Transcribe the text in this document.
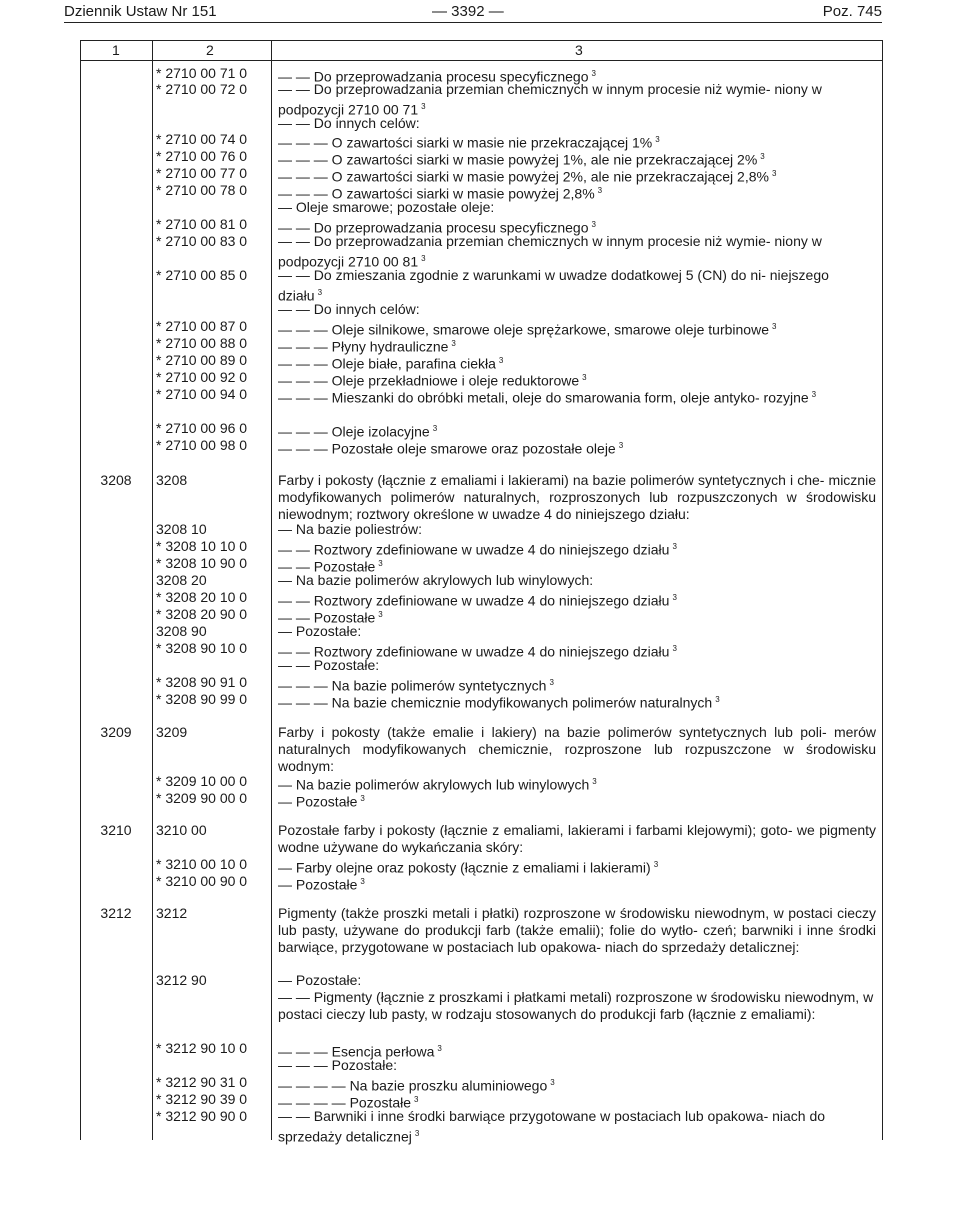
Dziennik Ustaw Nr 151	— 3392 —	Poz. 745
1	2	3
* 2710 00 71 0	— — Do przeprowadzania procesu specyficznego $^3$
* 2710 00 72 0	— — Do przeprowadzania przemian chemicznych w innym procesie niż wymie- niony w podpozycji 2710 00 71 $^3$
— — Do innych celów:
* 2710 00 74 0	— — — O zawartości siarki w masie nie przekraczającej 1% $^3$
* 2710 00 76 0	— — — O zawartości siarki w masie powyżej 1%, ale nie przekraczającej 2% $^3$
* 2710 00 77 0	— — — O zawartości siarki w masie powyżej 2%, ale nie przekraczającej 2,8% $^3$
* 2710 00 78 0	— — — O zawartości siarki w masie powyżej 2,8% $^3$
— Oleje smarowe; pozostałe oleje:
* 2710 00 81 0	— — Do przeprowadzania procesu specyficznego $^3$
* 2710 00 83 0	— — Do przeprowadzania przemian chemicznych w innym procesie niż wymie- niony w podpozycji 2710 00 81 $^3$
* 2710 00 85 0	— — Do zmieszania zgodnie z warunkami w uwadze dodatkowej 5 (CN) do ni- niejszego działu $^3$
— — Do innych celów:
* 2710 00 87 0	— — — Oleje silnikowe, smarowe oleje sprężarkowe, smarowe oleje turbinowe $^3$
* 2710 00 88 0	— — — Płyny hydrauliczne $^3$
* 2710 00 89 0	— — — Oleje białe, parafina ciekła $^3$
* 2710 00 92 0	— — — Oleje przekładniowe i oleje reduktorowe $^3$
* 2710 00 94 0	— — — Mieszanki do obróbki metali, oleje do smarowania form, oleje antyko- rozyjne $^3$
* 2710 00 96 0	— — — Oleje izolacyjne $^3$
* 2710 00 98 0	— — — Pozostałe oleje smarowe oraz pozostałe oleje $^3$
3208	3208	Farby i pokosty (łącznie z emaliami i lakierami) na bazie polimerów syntetycznych i che- micznie modyfikowanych polimerów naturalnych, rozproszonych lub rozpuszczonych w środowisku niewodnym; roztwory określone w uwadze 4 do niniejszego działu:
3208 10	— Na bazie poliestrów:
* 3208 10 10 0	— — Roztwory zdefiniowane w uwadze 4 do niniejszego działu $^3$
* 3208 10 90 0	— — Pozostałe $^3$
3208 20	— Na bazie polimerów akrylowych lub winylowych:
* 3208 20 10 0	— — Roztwory zdefiniowane w uwadze 4 do niniejszego działu $^3$
* 3208 20 90 0	— — Pozostałe $^3$
3208 90	— Pozostałe:
* 3208 90 10 0	— — Roztwory zdefiniowane w uwadze 4 do niniejszego działu $^3$
— — Pozostałe:
* 3208 90 91 0	— — — Na bazie polimerów syntetycznych $^3$
* 3208 90 99 0	— — — Na bazie chemicznie modyfikowanych polimerów naturalnych $^3$
3209	3209	Farby i pokosty (także emalie i lakiery) na bazie polimerów syntetycznych lub poli- merów naturalnych modyfikowanych chemicznie, rozproszone lub rozpuszczone w środowisku wodnym:
* 3209 10 00 0	— Na bazie polimerów akrylowych lub winylowych $^3$
* 3209 90 00 0	— Pozostałe $^3$
3210	3210 00	Pozostałe farby i pokosty (łącznie z emaliami, lakierami i farbami klejowymi); goto- we pigmenty wodne używane do wykańczania skóry:
* 3210 00 10 0	— Farby olejne oraz pokosty (łącznie z emaliami i lakierami) $^3$
* 3210 00 90 0	— Pozostałe $^3$
3212	3212	Pigmenty (także proszki metali i płatki) rozproszone w środowisku niewodnym, w postaci cieczy lub pasty, używane do produkcji farb (także emalii); folie do wytło- czeń; barwniki i inne środki barwiące, przygotowane w postaciach lub opakowa- niach do sprzedaży detalicznej:
3212 90	— Pozostałe:
— — Pigmenty (łącznie z proszkami i płatkami metali) rozproszone w środowisku niewodnym, w postaci cieczy lub pasty, w rodzaju stosowanych do produkcji farb (łącznie z emaliami):
* 3212 90 10 0	— — — Esencja perłowa $^3$
— — — Pozostałe:
* 3212 90 31 0	— — — — Na bazie proszku aluminiowego $^3$
* 3212 90 39 0	— — — — Pozostałe $^3$
* 3212 90 90 0	— — Barwniki i inne środki barwiące przygotowane w postaciach lub opakowa- niach do sprzedaży detalicznej $^3$
